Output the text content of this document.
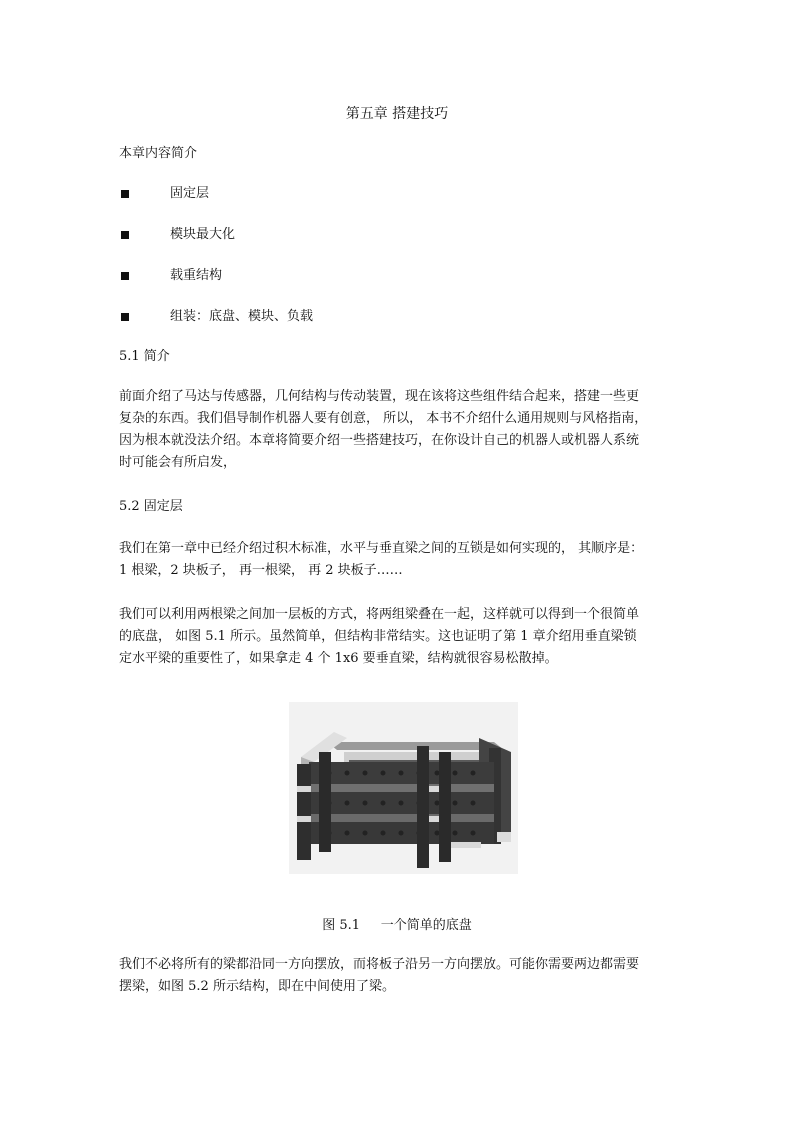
第五章 搭建技巧
本章内容简介
固定层
模块最大化
载重结构
组装：底盘、模块、负载
5.1 简介

前面介绍了马达与传感器，几何结构与传动装置，现在该将这些组件结合起来，搭建一些更

复杂的东西。我们倡导制作机器人要有创意， 所以， 本书不介绍什么通用规则与风格指南，

因为根本就没法介绍。本章将简要介绍一些搭建技巧，在你设计自己的机器人或机器人系统

时可能会有所启发，

5.2 固定层

我们在第一章中已经介绍过积木标准，水平与垂直梁之间的互锁是如何实现的， 其顺序是：

1 根梁，2 块板子， 再一根梁， 再 2 块板子……

我们可以利用两根梁之间加一层板的方式，将两组梁叠在一起，这样就可以得到一个很简单

的底盘， 如图 5.1 所示。虽然简单，但结构非常结实。这也证明了第 1 章介绍用垂直梁锁

定水平梁的重要性了，如果拿走 4 个 1x6 要垂直梁，结构就很容易松散掉。

图 5.1     一个简单的底盘

我们不必将所有的梁都沿同一方向摆放，而将板子沿另一方向摆放。可能你需要两边都需要

摆梁，如图 5.2 所示结构，即在中间使用了梁。
